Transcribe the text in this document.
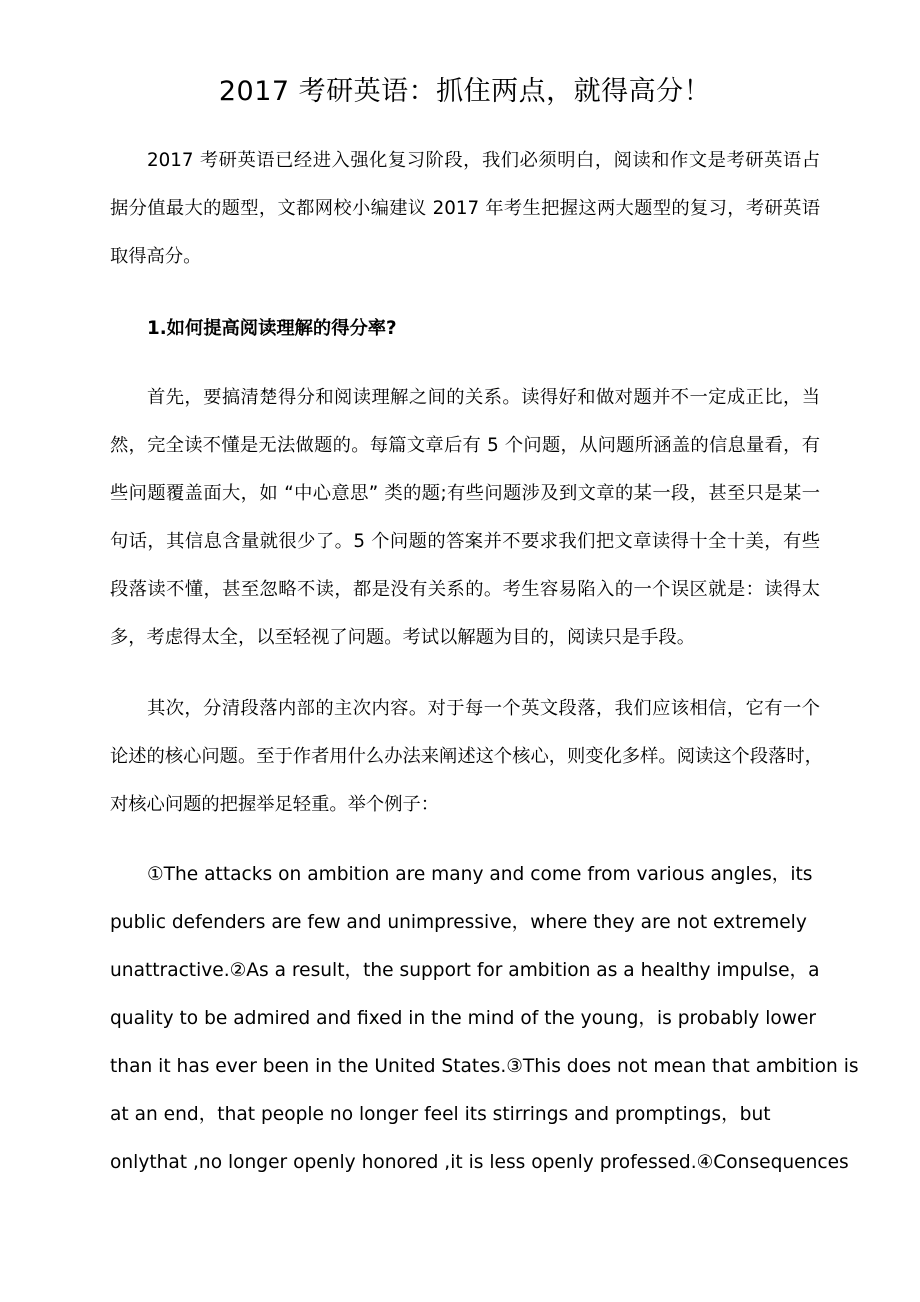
2017 考研英语：抓住两点，就得高分！
2017 考研英语已经进入强化复习阶段，我们必须明白，阅读和作文是考研英语占
据分值最大的题型，文都网校小编建议 2017 年考生把握这两大题型的复习，考研英语
取得高分。
1.如何提高阅读理解的得分率?
首先，要搞清楚得分和阅读理解之间的关系。读得好和做对题并不一定成正比，当
然，完全读不懂是无法做题的。每篇文章后有 5 个问题，从问题所涵盖的信息量看，有
些问题覆盖面大，如 “中心意思” 类的题;有些问题涉及到文章的某一段，甚至只是某一
句话，其信息含量就很少了。5 个问题的答案并不要求我们把文章读得十全十美，有些
段落读不懂，甚至忽略不读，都是没有关系的。考生容易陷入的一个误区就是：读得太
多，考虑得太全，以至轻视了问题。考试以解题为目的，阅读只是手段。
其次，分清段落内部的主次内容。对于每一个英文段落，我们应该相信，它有一个
论述的核心问题。至于作者用什么办法来阐述这个核心，则变化多样。阅读这个段落时，
对核心问题的把握举足轻重。举个例子：
①The attacks on ambition are many and come from various angles，its
public defenders are few and unimpressive，where they are not extremely
unattractive.②As a result，the support for ambition as a healthy impulse，a
quality to be admired and fixed in the mind of the young，is probably lower
than it has ever been in the United States.③This does not mean that ambition is
at an end，that people no longer feel its stirrings and promptings，but
onlythat ,no longer openly honored ,it is less openly professed.④Consequences
